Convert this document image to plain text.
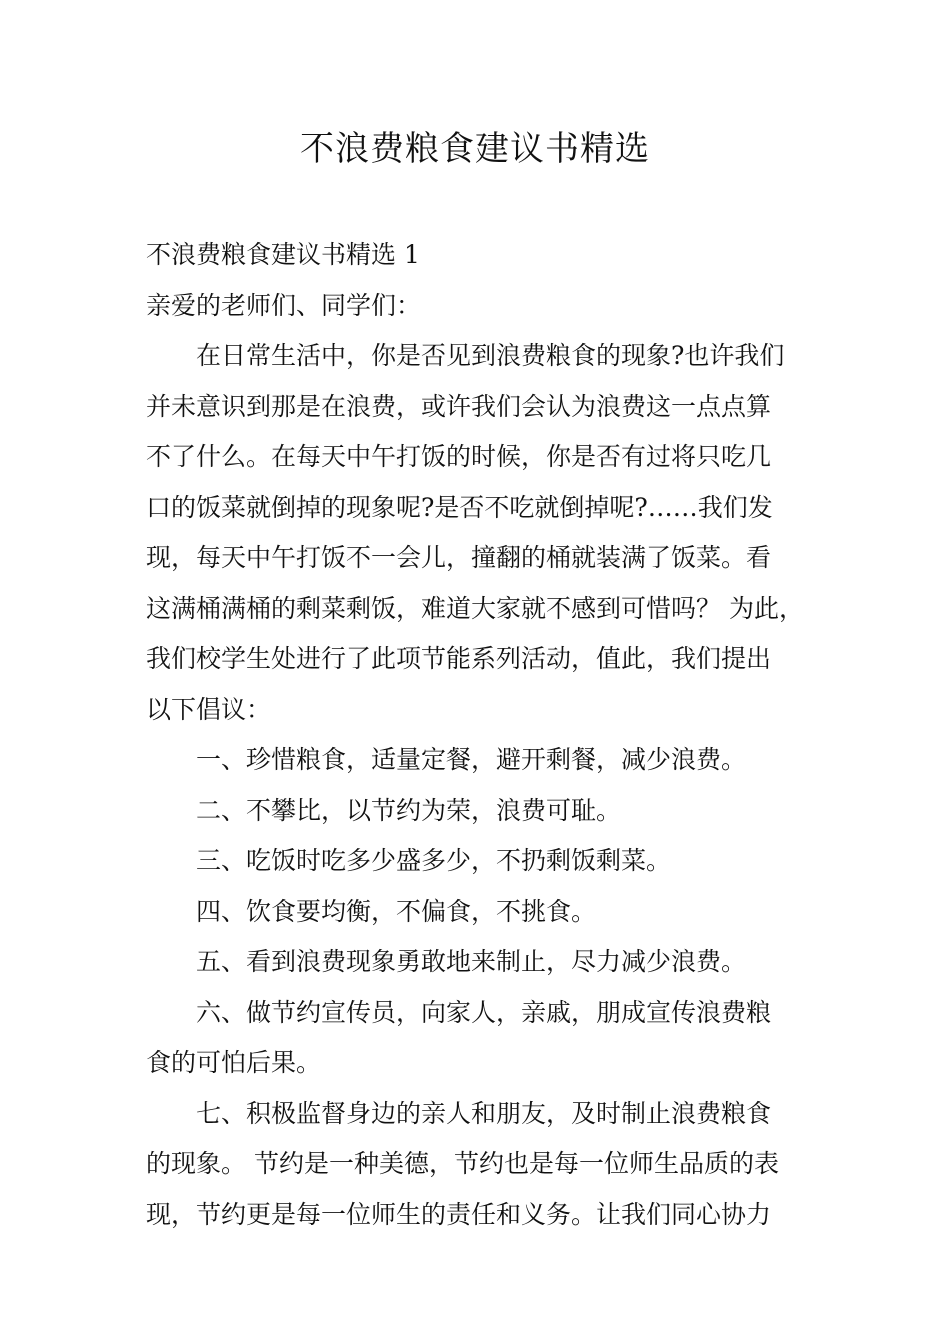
不浪费粮食建议书精选

不浪费粮食建议书精选 1

亲爱的老师们、同学们：

在日常生活中，你是否见到浪费粮食的现象?也许我们

并未意识到那是在浪费，或许我们会认为浪费这一点点算

不了什么。在每天中午打饭的时候，你是否有过将只吃几

口的饭菜就倒掉的现象呢?是否不吃就倒掉呢?……我们发

现，每天中午打饭不一会儿，撞翻的桶就装满了饭菜。看

这满桶满桶的剩菜剩饭，难道大家就不感到可惜吗？ 为此，

我们校学生处进行了此项节能系列活动，值此，我们提出

以下倡议：

一、珍惜粮食，适量定餐，避开剩餐，减少浪费。

二、不攀比，以节约为荣，浪费可耻。

三、吃饭时吃多少盛多少，不扔剩饭剩菜。

四、饮食要均衡，不偏食，不挑食。

五、看到浪费现象勇敢地来制止，尽力减少浪费。

六、做节约宣传员，向家人，亲戚，朋成宣传浪费粮

食的可怕后果。

七、积极监督身边的亲人和朋友，及时制止浪费粮食

的现象。 节约是一种美德，节约也是每一位师生品质的表

现，节约更是每一位师生的责任和义务。让我们同心协力
